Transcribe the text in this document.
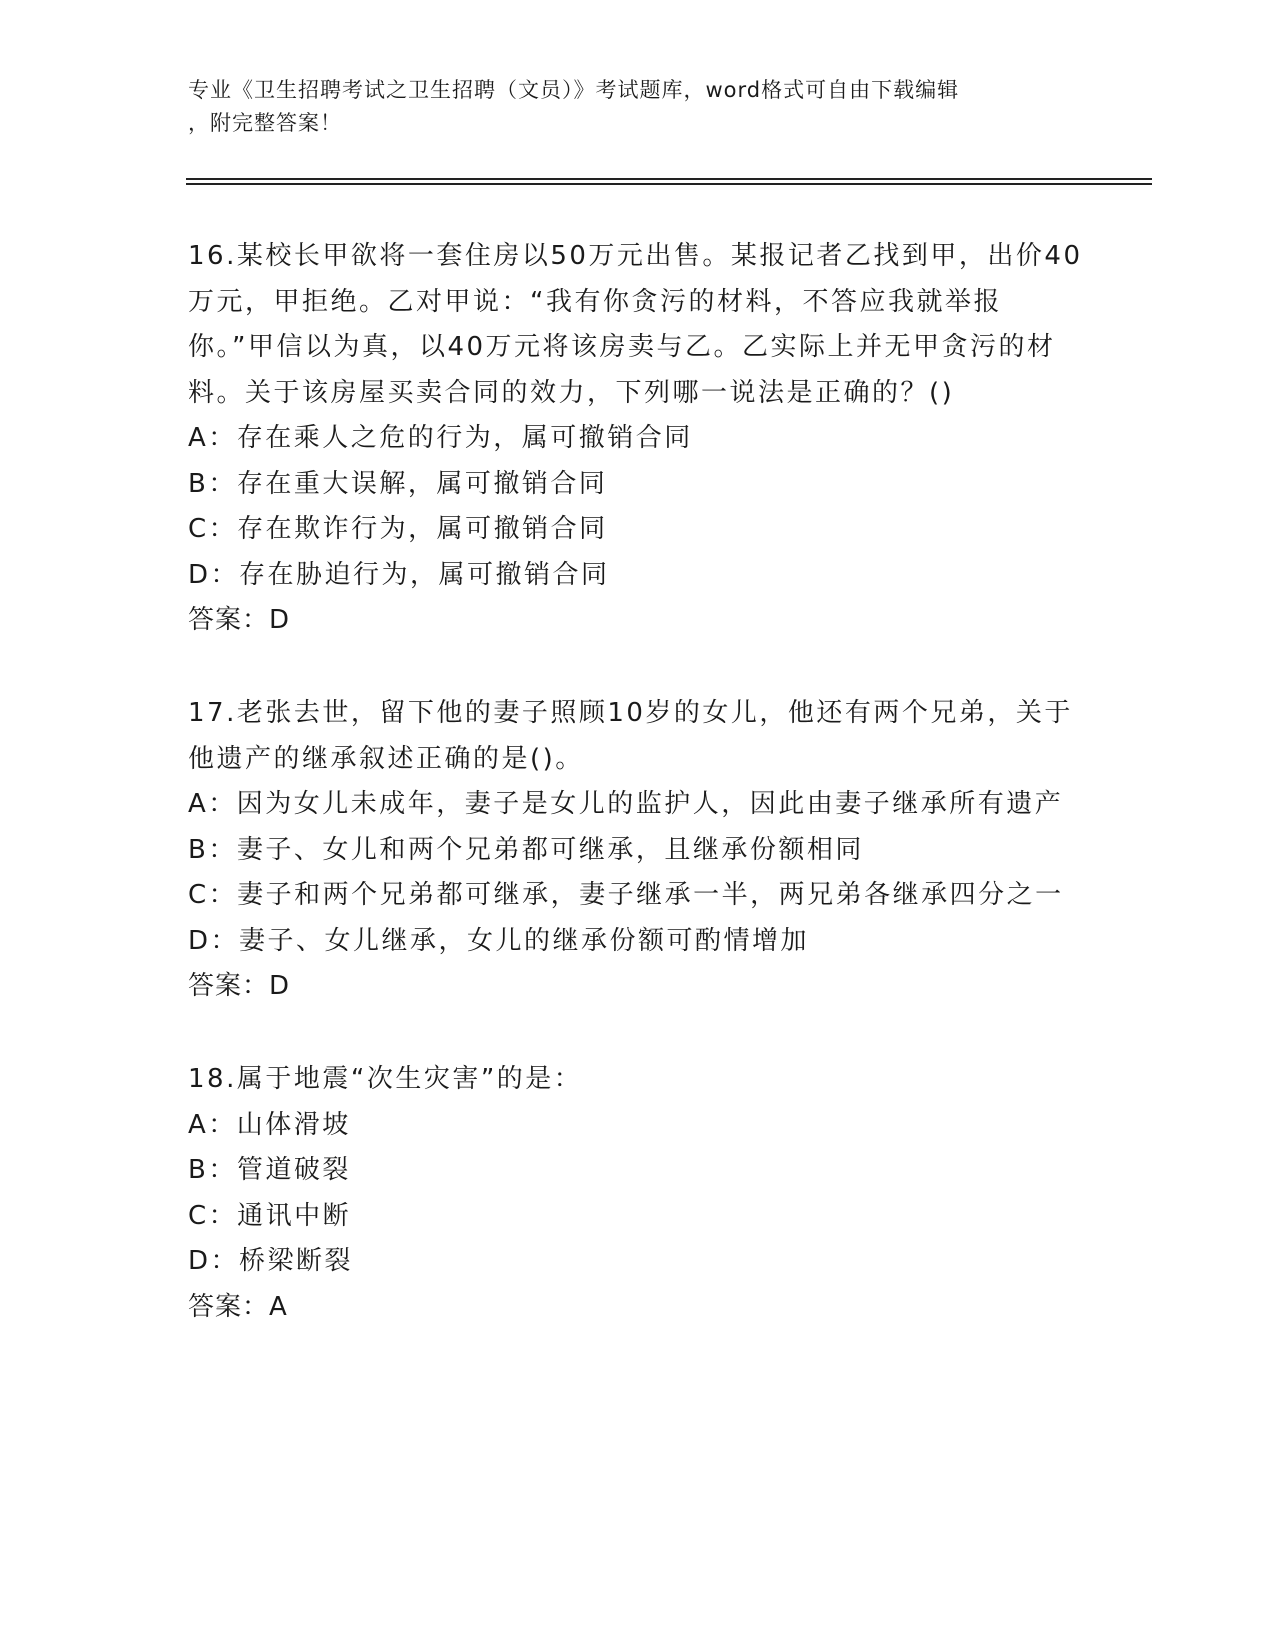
专业《卫生招聘考试之卫生招聘（文员）》考试题库，word格式可自由下载编辑
，附完整答案！

16.某校长甲欲将一套住房以50万元出售。某报记者乙找到甲，出价40万元，甲拒绝。乙对甲说：“我有你贪污的材料，不答应我就举报你。”甲信以为真，以40万元将该房卖与乙。乙实际上并无甲贪污的材料。关于该房屋买卖合同的效力，下列哪一说法是正确的？()

A：存在乘人之危的行为，属可撤销合同

B：存在重大误解，属可撤销合同

C：存在欺诈行为，属可撤销合同

D：存在胁迫行为，属可撤销合同

答案：D

17.老张去世，留下他的妻子照顾10岁的女儿，他还有两个兄弟，关于他遗产的继承叙述正确的是()。

A：因为女儿未成年，妻子是女儿的监护人，因此由妻子继承所有遗产

B：妻子、女儿和两个兄弟都可继承，且继承份额相同

C：妻子和两个兄弟都可继承，妻子继承一半，两兄弟各继承四分之一

D：妻子、女儿继承，女儿的继承份额可酌情增加

答案：D

18.属于地震“次生灾害”的是：

A：山体滑坡

B：管道破裂

C：通讯中断

D：桥梁断裂

答案：A
